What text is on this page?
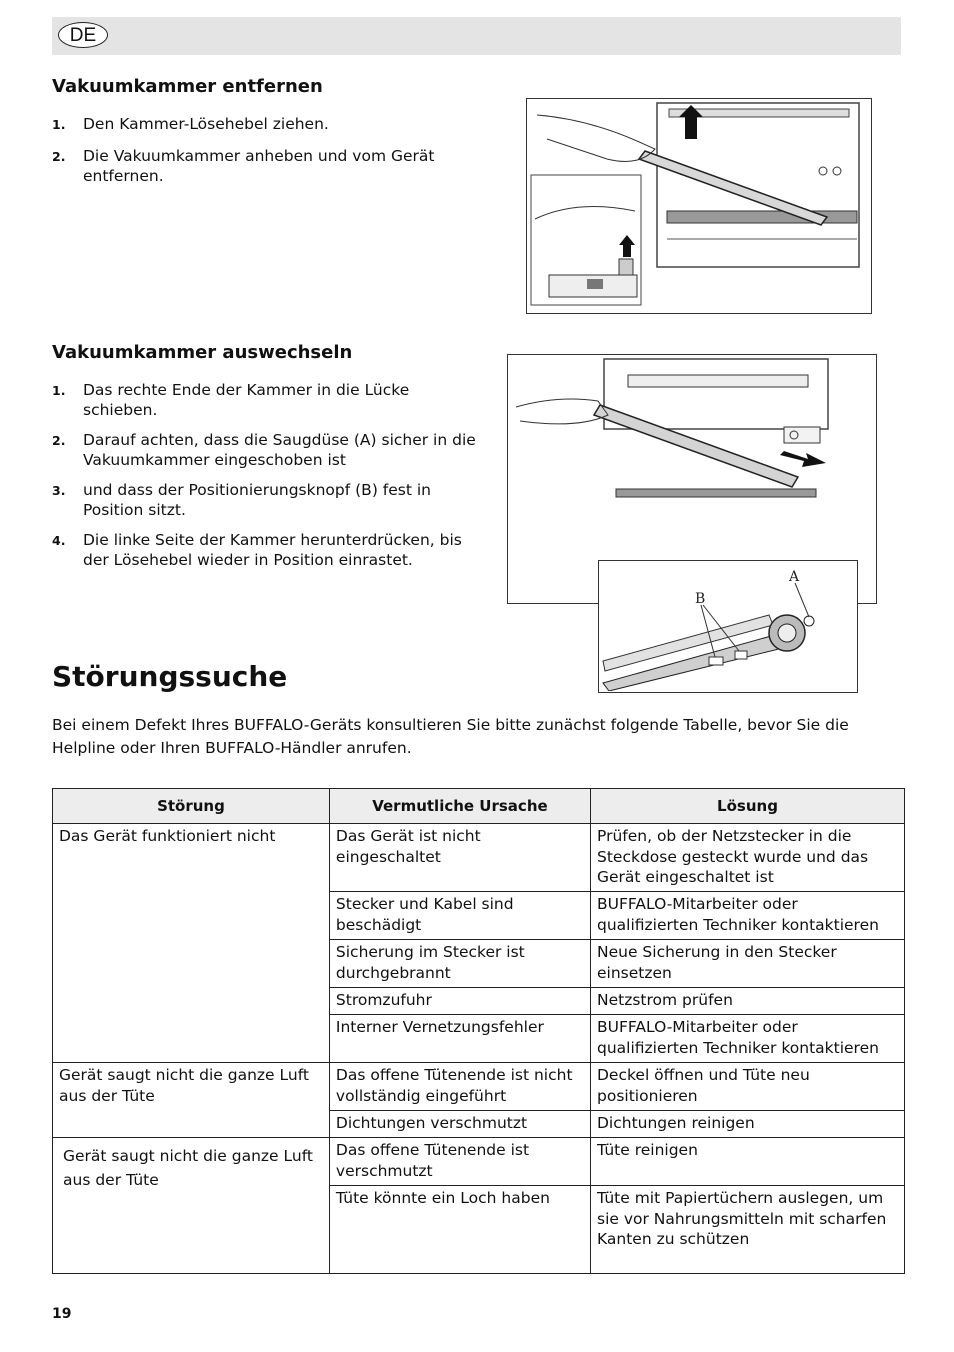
DE
Vakuumkammer entfernen
1. Den Kammer-Lösehebel ziehen.
2. Die Vakuumkammer anheben und vom Gerät entfernen.
Vakuumkammer auswechseln
1. Das rechte Ende der Kammer in die Lücke schieben.
2. Darauf achten, dass die Saugdüse (A) sicher in die Vakuumkammer eingeschoben ist
3. und dass der Positionierungsknopf (B) fest in Position sitzt.
4. Die linke Seite der Kammer herunterdrücken, bis der Lösehebel wieder in Position einrastet.
B
A
Störungssuche

Bei einem Defekt Ihres BUFFALO-Geräts konsultieren Sie bitte zunächst folgende Tabelle, bevor Sie die Helpline oder Ihren BUFFALO-Händler anrufen.

Störung	Vermutliche Ursache	Lösung
Das Gerät funktioniert nicht	Das Gerät ist nicht eingeschaltet	Prüfen, ob der Netzstecker in die Steckdose gesteckt wurde und das Gerät eingeschaltet ist
	Stecker und Kabel sind beschädigt	BUFFALO-Mitarbeiter oder qualifizierten Techniker kontaktieren
	Sicherung im Stecker ist durchgebrannt	Neue Sicherung in den Stecker einsetzen
	Stromzufuhr	Netzstrom prüfen
	Interner Vernetzungsfehler	BUFFALO-Mitarbeiter oder qualifizierten Techniker kontaktieren
Gerät saugt nicht die ganze Luft aus der Tüte	Das offene Tütenende ist nicht vollständig eingeführt	Deckel öffnen und Tüte neu positionieren
	Dichtungen verschmutzt	Dichtungen reinigen
Gerät saugt nicht die ganze Luft aus der Tüte	Das offene Tütenende ist verschmutzt	Tüte reinigen
	Tüte könnte ein Loch haben	Tüte mit Papiertüchern auslegen, um sie vor Nahrungsmitteln mit scharfen Kanten zu schützen
19
